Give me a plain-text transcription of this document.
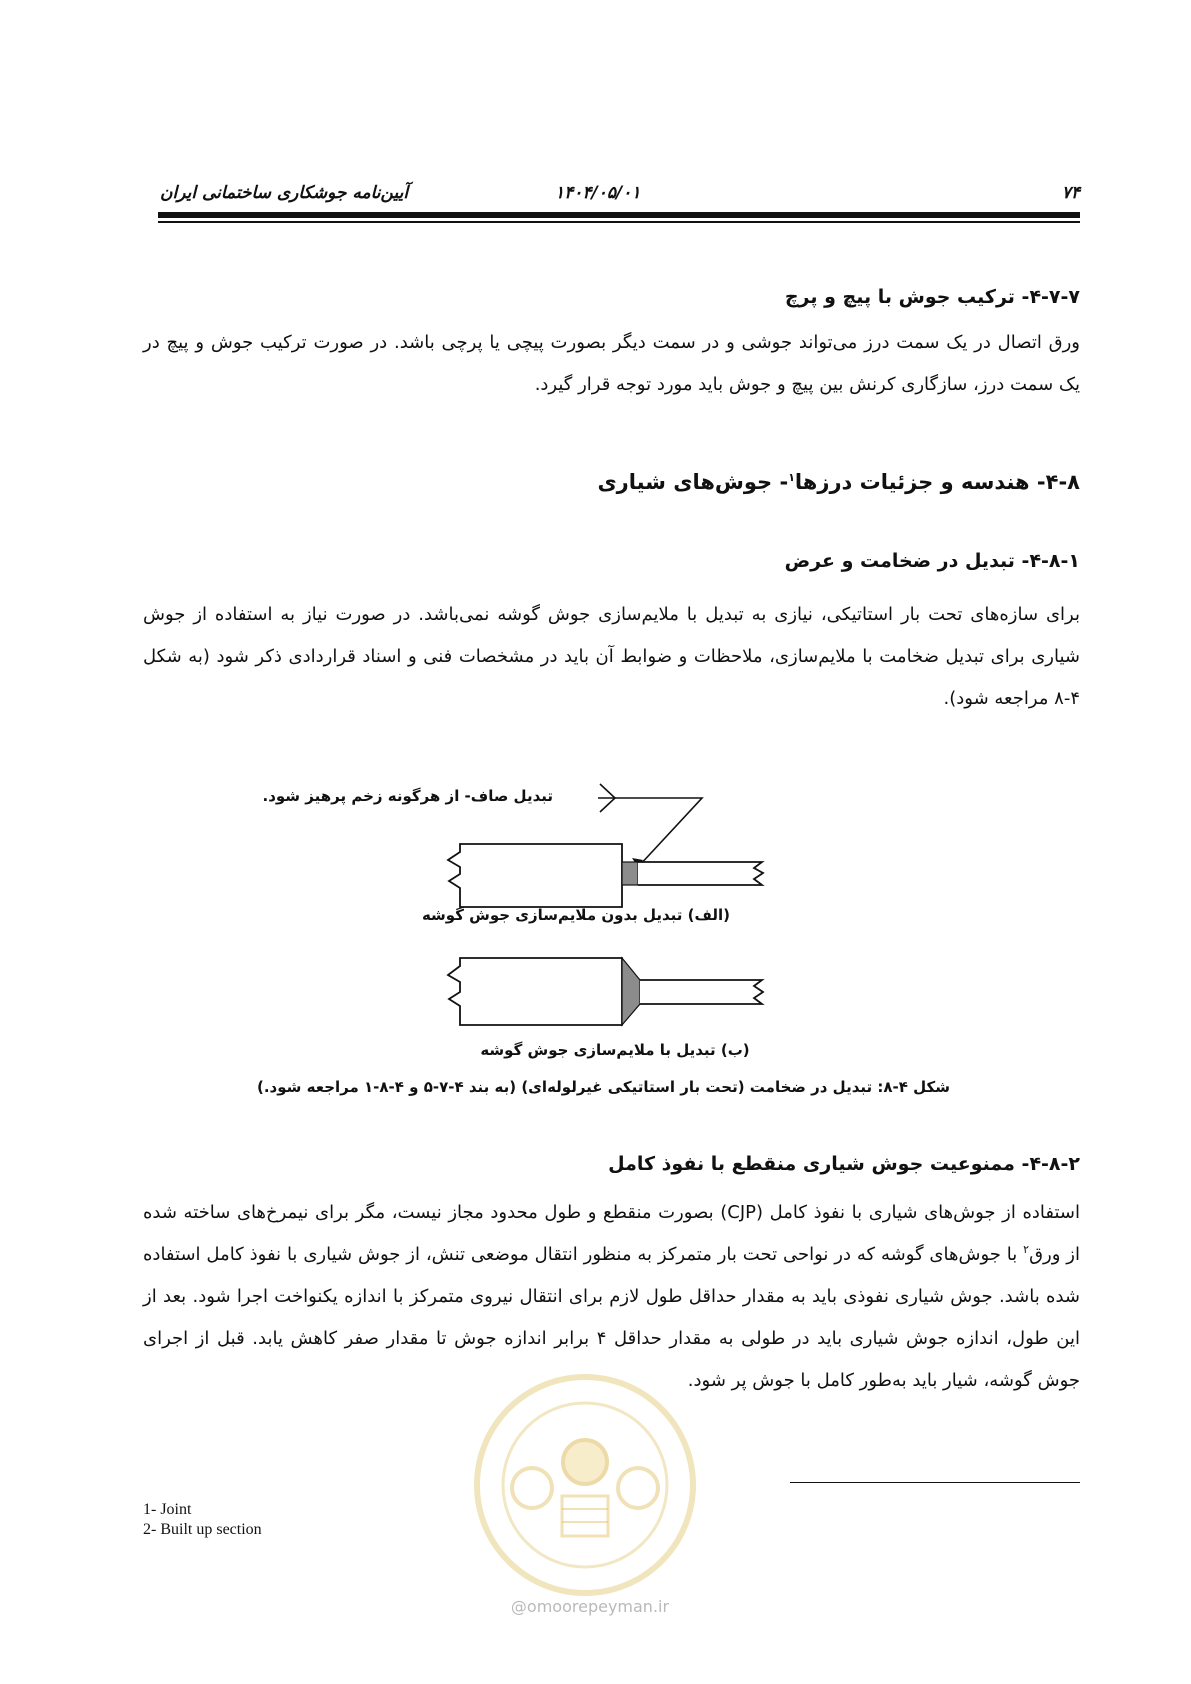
۷۴
۱۴۰۴/۰۵/۰۱
آیین‌نامه جوشکاری ساختمانی ایران
۴-۷-۷- ترکیب جوش با پیچ و پرچ

ورق اتصال در یک سمت درز می‌تواند جوشی و در سمت دیگر بصورت پیچی یا پرچی باشد. در صورت ترکیب جوش و پیچ در یک سمت درز، سازگاری کرنش بین پیچ و جوش باید مورد توجه قرار گیرد.

۴-۸- هندسه و جزئیات درزها$^۱$- جوش‌های شیاری
۴-۸-۱- تبدیل در ضخامت و عرض

برای سازه‌های تحت بار استاتیکی، نیازی به تبدیل با ملایم‌سازی جوش گوشه نمی‌باشد. در صورت نیاز به استفاده از جوش شیاری برای تبدیل ضخامت با ملایم‌سازی، ملاحظات و ضوابط آن باید در مشخصات فنی و اسناد قراردادی ذکر شود (به شکل ۴-۸ مراجعه شود).

تبدیل صاف- از هرگونه زخم پرهیز شود.
(الف) تبدیل بدون ملایم‌سازی جوش گوشه
(ب) تبدیل با ملایم‌سازی جوش گوشه
شکل ۴-۸: تبدیل در ضخامت (تحت بار استاتیکی غیرلوله‌ای) (به بند ۴-۷-۵ و ۴-۸-۱ مراجعه شود.)
۴-۸-۲- ممنوعیت جوش شیاری منقطع با نفوذ کامل

استفاده از جوش‌های شیاری با نفوذ کامل (CJP) بصورت منقطع و طول محدود مجاز نیست، مگر برای نیمرخ‌های ساخته شده از ورق$^۲$ با جوش‌های گوشه که در نواحی تحت بار متمرکز به منظور انتقال موضعی تنش، از جوش شیاری با نفوذ کامل استفاده شده باشد. جوش شیاری نفوذی باید به مقدار حداقل طول لازم برای انتقال نیروی متمرکز با اندازه یکنواخت اجرا شود. بعد از این طول، اندازه جوش شیاری باید در طولی به مقدار حداقل ۴ برابر اندازه جوش تا مقدار صفر کاهش یابد. قبل از اجرای جوش گوشه، شیار باید به‌طور کامل با جوش پر شود.

@omoorepeyman.ir
1- Joint
2- Built up section
